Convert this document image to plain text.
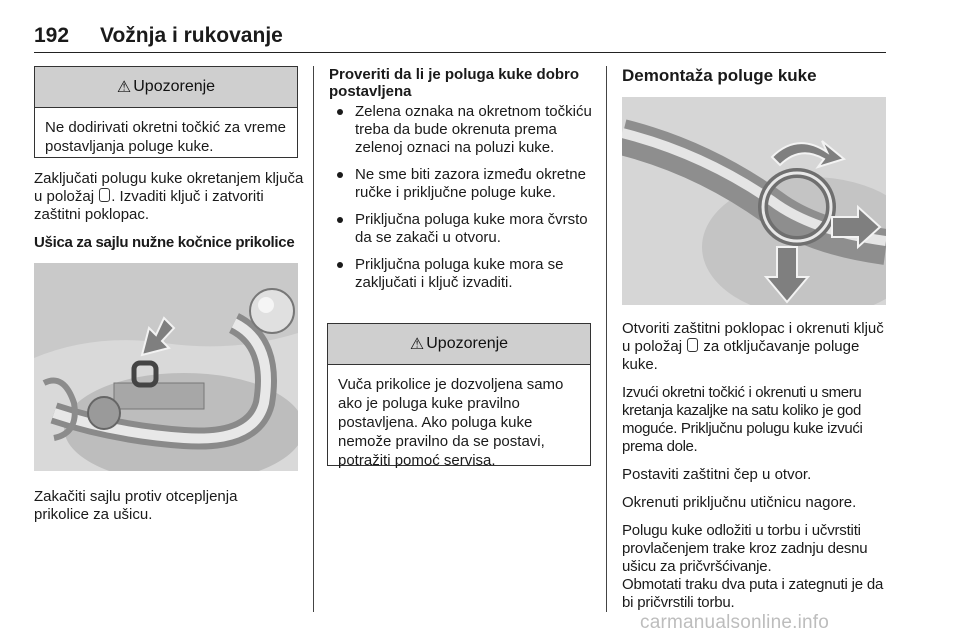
192 Vožnja i rukovanje
⚠ Upozorenje
Ne dodirivati okretni točkić za vreme postavljanja poluge kuke.

Zaključati polugu kuke okretanjem ključa u položaj . Izvaditi ključ i zatvoriti zaštitni poklopac.

Ušica za sajlu nužne kočnice prikolice

Zakačiti sajlu protiv otcepljenja prikolice za ušicu.
Proveriti da li je poluga kuke dobro postavljena
Zelena oznaka na okretnom točkiću treba da bude okrenuta prema zelenoj oznaci na poluzi kuke.
Ne sme biti zazora između okretne ručke i priključne poluge kuke.
Priključna poluga kuke mora čvrsto da se zakači u otvoru.
Priključna poluga kuke mora se zaključati i ključ izvaditi.
⚠ Upozorenje
Vuča prikolice je dozvoljena samo ako je poluga kuke pravilno postavljena. Ako poluga kuke nemože pravilno da se postavi, potražiti pomoć servisa.
Demontaža poluge kuke

Otvoriti zaštitni poklopac i okrenuti ključ u položaj  za otključavanje poluge kuke.

Izvući okretni točkić i okrenuti u smeru kretanja kazaljke na satu koliko je god moguće. Priključnu polugu kuke izvući prema dole.

Postaviti zaštitni čep u otvor.

Okrenuti priključnu utičnicu nagore.

Polugu kuke odložiti u torbu i učvrstiti provlačenjem trake kroz zadnju desnu ušicu za pričvršćivanje.

Obmotati traku dva puta i zategnuti je da bi pričvrstili torbu.

carmanualsonline.info
